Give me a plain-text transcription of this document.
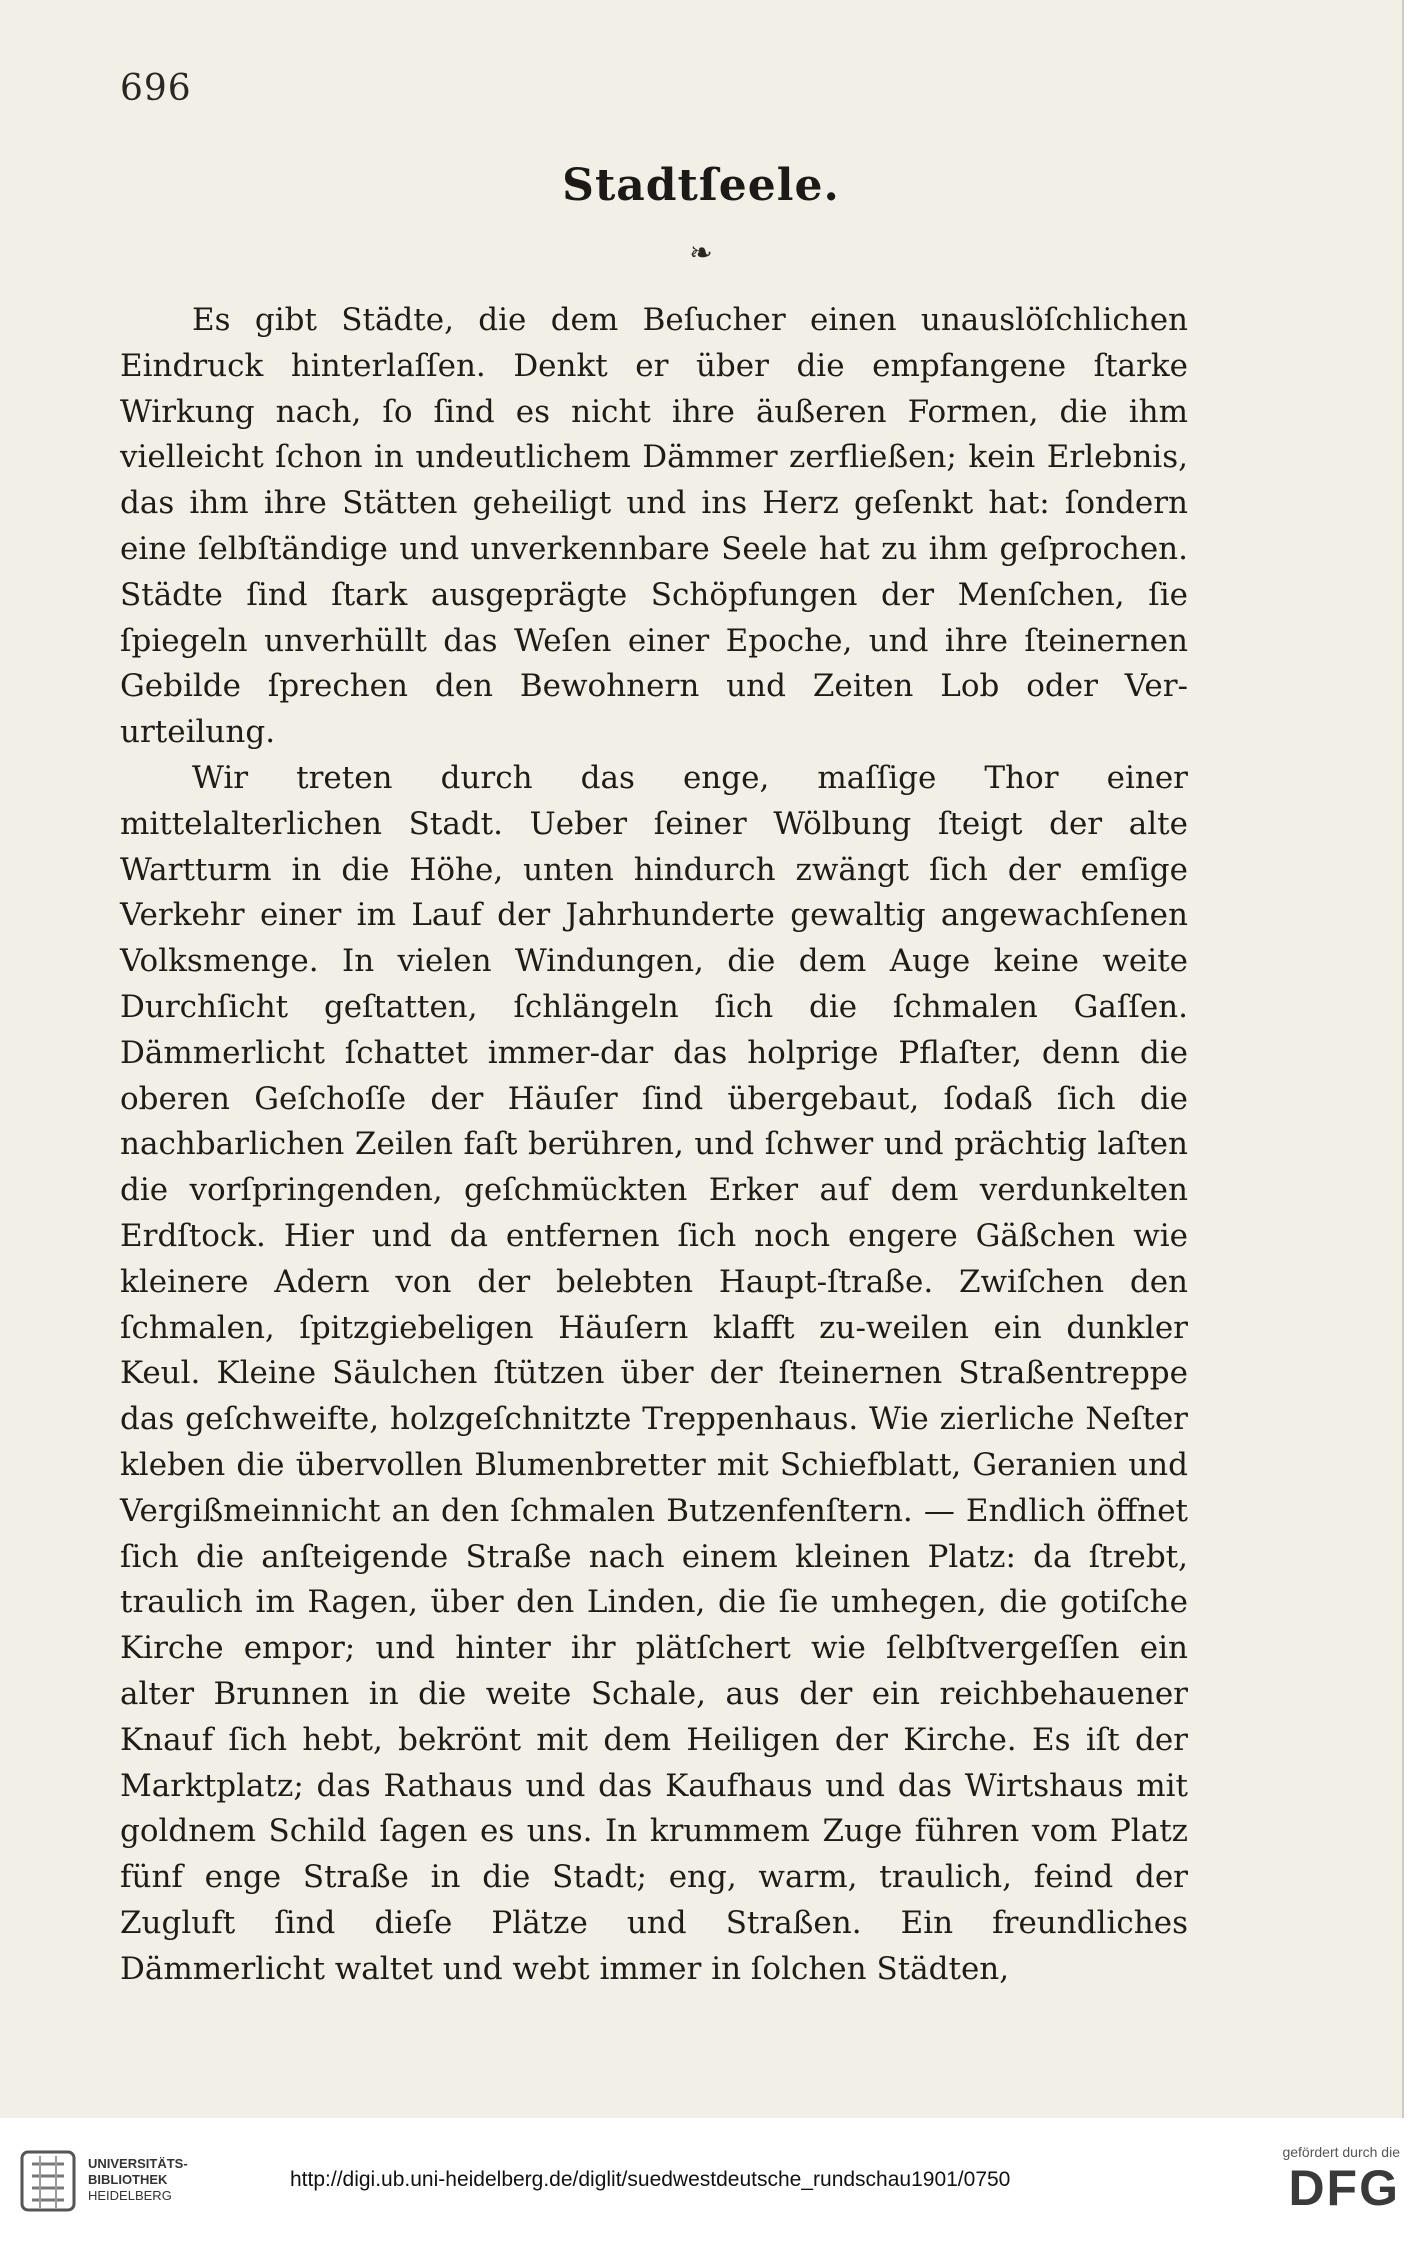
696
Stadtſeele.
❧

Es gibt Städte, die dem Beſucher einen unauslöſchlichen Eindruck hinterlaſſen. Denkt er über die empfangene ſtarke Wirkung nach, ſo ſind es nicht ihre äußeren Formen, die ihm vielleicht ſchon in undeutlichem Dämmer zerfließen; kein Erlebnis, das ihm ihre Stätten geheiligt und ins Herz geſenkt hat: ſondern eine ſelbſtändige und unverkennbare Seele hat zu ihm geſprochen. Städte ſind ſtark ausgeprägte Schöpfungen der Menſchen, ſie ſpiegeln unverhüllt das Weſen einer Epoche, und ihre ſteinernen Gebilde ſprechen den Bewohnern und Zeiten Lob oder Ver-urteilung.

Wir treten durch das enge, maſſige Thor einer mittelalterlichen Stadt. Ueber ſeiner Wölbung ſteigt der alte Wartturm in die Höhe, unten hindurch zwängt ſich der emſige Verkehr einer im Lauf der Jahrhunderte gewaltig angewachſenen Volksmenge. In vielen Windungen, die dem Auge keine weite Durchſicht geſtatten, ſchlängeln ſich die ſchmalen Gaſſen. Dämmerlicht ſchattet immer-dar das holprige Pflaſter, denn die oberen Geſchoſſe der Häuſer ſind übergebaut, ſodaß ſich die nachbarlichen Zeilen faſt berühren, und ſchwer und prächtig laſten die vorſpringenden, geſchmückten Erker auf dem verdunkelten Erdſtock. Hier und da entfernen ſich noch engere Gäßchen wie kleinere Adern von der belebten Haupt-ſtraße. Zwiſchen den ſchmalen, ſpitzgiebeligen Häuſern klafft zu-weilen ein dunkler Keul. Kleine Säulchen ſtützen über der ſteinernen Straßentreppe das geſchweifte, holzgeſchnitzte Treppenhaus. Wie zierliche Neſter kleben die übervollen Blumenbretter mit Schiefblatt, Geranien und Vergißmeinnicht an den ſchmalen Butzenfenſtern. — Endlich öffnet ſich die anſteigende Straße nach einem kleinen Platz: da ſtrebt, traulich im Ragen, über den Linden, die ſie umhegen, die gotiſche Kirche empor; und hinter ihr plätſchert wie ſelbſtvergeſſen ein alter Brunnen in die weite Schale, aus der ein reichbehauener Knauf ſich hebt, bekrönt mit dem Heiligen der Kirche. Es iſt der Marktplatz; das Rathaus und das Kaufhaus und das Wirtshaus mit goldnem Schild ſagen es uns. In krummem Zuge führen vom Platz fünf enge Straße in die Stadt; eng, warm, traulich, feind der Zugluft ſind dieſe Plätze und Straßen. Ein freundliches Dämmerlicht waltet und webt immer in ſolchen Städten,

UNIVERSITÄTS-
BIBLIOTHEK
HEIDELBERG
http://digi.ub.uni-heidelberg.de/diglit/suedwestdeutsche_rundschau1901/0750
gefördert durch die
DFG
